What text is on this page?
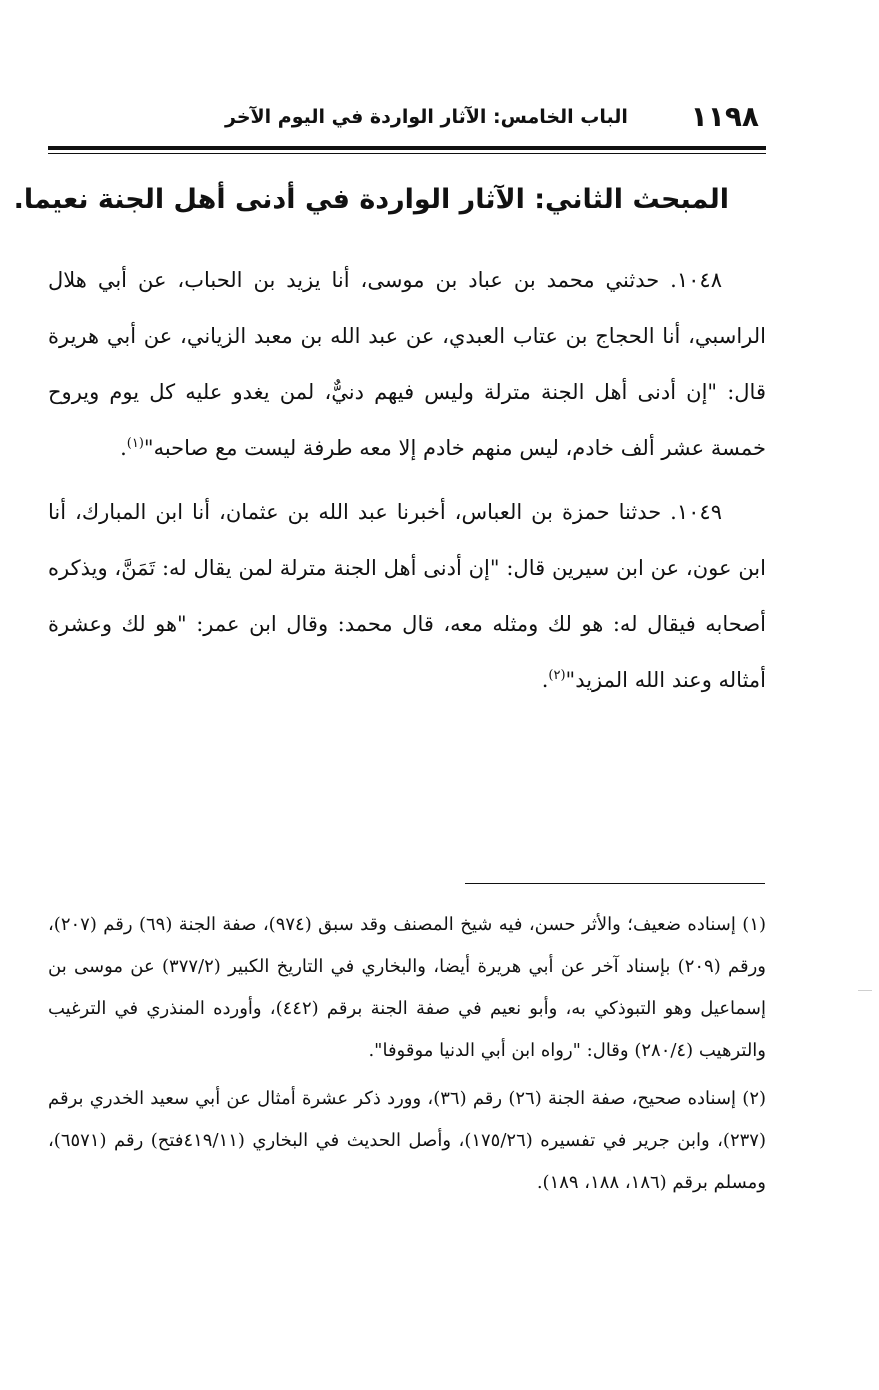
١١٩٨
الباب الخامس: الآثار الواردة في اليوم الآخر
المبحث الثاني: الآثار الواردة في أدنى أهل الجنة نعيما.

١٠٤٨. حدثني محمد بن عباد بن موسى، أنا يزيد بن الحباب، عن أبي هلال الراسبي، أنا الحجاج بن عتاب العبدي، عن عبد الله بن معبد الزياني، عن أبي هريرة قال: "إن أدنى أهل الجنة مترلة وليس فيهم دنيٌّ، لمن يغدو عليه كل يوم ويروح خمسة عشر ألف خادم، ليس منهم خادم إلا معه طرفة ليست مع صاحبه"$^{(١)}$.

١٠٤٩. حدثنا حمزة بن العباس، أخبرنا عبد الله بن عثمان، أنا ابن المبارك، أنا ابن عون، عن ابن سيرين قال: "إن أدنى أهل الجنة مترلة لمن يقال له: تَمَنَّ، ويذكره أصحابه فيقال له: هو لك ومثله معه، قال محمد: وقال ابن عمر: "هو لك وعشرة أمثاله وعند الله المزيد"$^{(٢)}$.

(١) إسناده ضعيف؛ والأثر حسن، فيه شيخ المصنف وقد سبق (٩٧٤)، صفة الجنة (٦٩) رقم (٢٠٧)، ورقم (٢٠٩) بإسناد آخر عن أبي هريرة أيضا، والبخاري في التاريخ الكبير (٣٧٧/٢) عن موسى بن إسماعيل وهو التبوذكي به، وأبو نعيم في صفة الجنة برقم (٤٤٢)، وأورده المنذري في الترغيب والترهيب (٢٨٠/٤) وقال: "رواه ابن أبي الدنيا موقوفا".

(٢) إسناده صحيح، صفة الجنة (٢٦) رقم (٣٦)، وورد ذكر عشرة أمثال عن أبي سعيد الخدري برقم (٢٣٧)، وابن جرير في تفسيره (١٧٥/٢٦)، وأصل الحديث في البخاري (٤١٩/١١فتح) رقم (٦٥٧١)، ومسلم برقم (١٨٦، ١٨٨، ١٨٩).
